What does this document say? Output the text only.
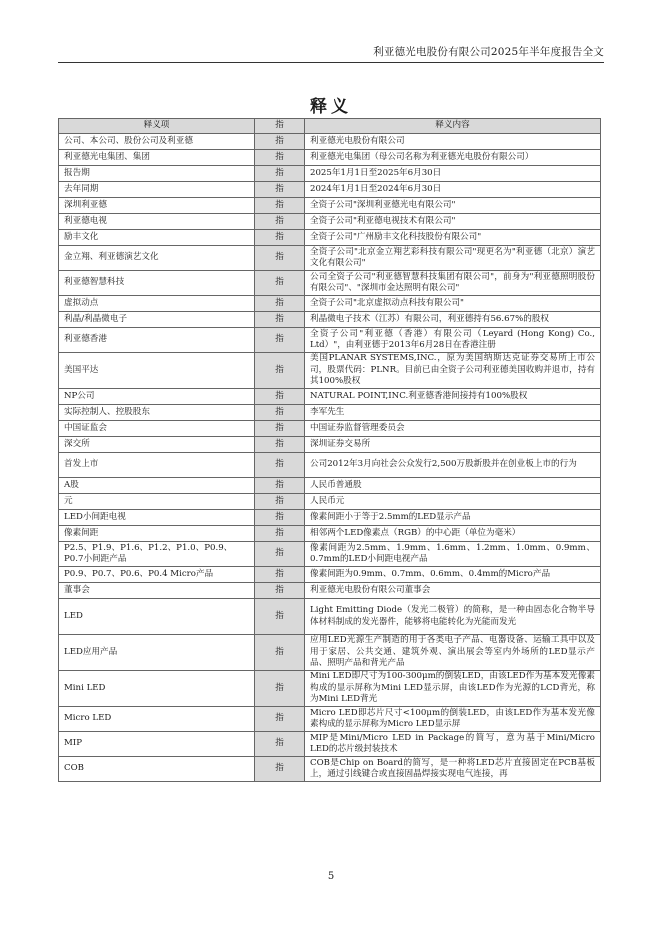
利亚德光电股份有限公司2025年半年度报告全文
释义
释义项	指	释义内容
公司、本公司、股份公司及利亚德	指	利亚德光电股份有限公司
利亚德光电集团、集团	指	利亚德光电集团（母公司名称为利亚德光电股份有限公司）
报告期	指	2025年1月1日至2025年6月30日
去年同期	指	2024年1月1日至2024年6月30日
深圳利亚德	指	全资子公司"深圳利亚德光电有限公司"
利亚德电视	指	全资子公司"利亚德电视技术有限公司"
励丰文化	指	全资子公司"广州励丰文化科技股份有限公司"
金立翔、利亚德演艺文化	指	全资子公司"北京金立翔艺彩科技有限公司"现更名为"利亚德（北京）演艺文化有限公司"
利亚德智慧科技	指	公司全资子公司"利亚德智慧科技集团有限公司"，前身为"利亚德照明股份有限公司"、"深圳市金达照明有限公司"
虚拟动点	指	全资子公司"北京虚拟动点科技有限公司"
利晶/利晶微电子	指	利晶微电子技术（江苏）有限公司，利亚德持有56.67%的股权
利亚德香港	指	全资子公司"利亚德（香港）有限公司（Leyard (Hong Kong) Co., Ltd）"，由利亚德于2013年6月28日在香港注册
美国平达	指	美国PLANAR SYSTEMS,INC.，原为美国纳斯达克证券交易所上市公司，股票代码：PLNR。目前已由全资子公司利亚德美国收购并退市，持有其100%股权
NP公司	指	NATURAL POINT,INC.利亚德香港间接持有100%股权
实际控制人、控股股东	指	李军先生
中国证监会	指	中国证券监督管理委员会
深交所	指	深圳证券交易所
首发上市	指	公司2012年3月向社会公众发行2,500万股新股并在创业板上市的行为
A股	指	人民币普通股
元	指	人民币元
LED小间距电视	指	像素间距小于等于2.5mm的LED显示产品
像素间距	指	相邻两个LED像素点（RGB）的中心距（单位为毫米）
P2.5、P1.9、P1.6、P1.2、P1.0、P0.9、P0.7小间距产品	指	像素间距为2.5mm、1.9mm、1.6mm、1.2mm、1.0mm、0.9mm、0.7mm的LED小间距电视产品
P0.9、P0.7、P0.6、P0.4 Micro产品	指	像素间距为0.9mm、0.7mm、0.6mm、0.4mm的Micro产品
董事会	指	利亚德光电股份有限公司董事会
LED	指	Light Emitting Diode（发光二极管）的简称，是一种由固态化合物半导体材料制成的发光器件，能够将电能转化为光能而发光
LED应用产品	指	应用LED光源生产制造的用于各类电子产品、电器设备、运输工具中以及用于家居、公共交通、建筑外观、演出展会等室内外场所的LED显示产品、照明产品和背光产品
Mini LED	指	Mini LED即尺寸为100-300μm的倒装LED，由该LED作为基本发光像素构成的显示屏称为Mini LED显示屏，由该LED作为光源的LCD背光，称为Mini LED背光
Micro LED	指	Micro LED即芯片尺寸<100μm的倒装LED，由该LED作为基本发光像素构成的显示屏称为Micro LED显示屏
MIP	指	MIP是Mini/Micro LED in Package的简写，意为基于Mini/Micro LED的芯片级封装技术
COB	指	COB是Chip on Board的简写，是一种将LED芯片直接固定在PCB基板上，通过引线键合或直接固晶焊接实现电气连接，再
5
